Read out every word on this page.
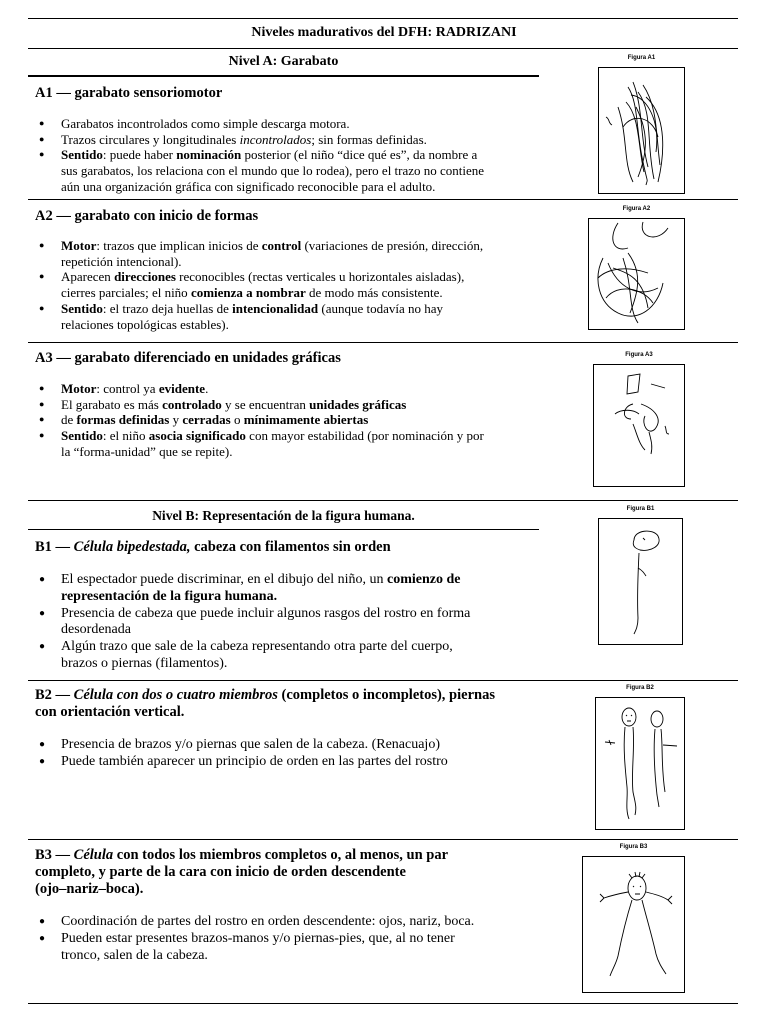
Niveles madurativos del DFH: RADRIZANI
Nivel A: Garabato
Nivel B: Representación de la figura humana.
A1 — garabato sensoriomotor
● Garabatos incontrolados como simple descarga motora.
● Trazos circulares y longitudinales incontrolados; sin formas definidas.
● Sentido: puede haber nominación posterior (el niño “dice qué es”, da nombre a
sus garabatos, los relaciona con el mundo que lo rodea), pero el trazo no contiene
aún una organización gráfica con significado reconocible para el adulto.
A2 — garabato con inicio de formas
● Motor: trazos que implican inicios de control (variaciones de presión, dirección,
repetición intencional).
● Aparecen direcciones reconocibles (rectas verticales u horizontales aisladas),
cierres parciales; el niño comienza a nombrar de modo más consistente.
● Sentido: el trazo deja huellas de intencionalidad (aunque todavía no hay
relaciones topológicas estables).
A3 — garabato diferenciado en unidades gráficas
● Motor: control ya evidente.
● El garabato es más controlado y se encuentran unidades gráficas
● de formas definidas y cerradas o mínimamente abiertas
● Sentido: el niño asocia significado con mayor estabilidad (por nominación y por
la “forma-unidad” que se repite).
B1 — Célula bipedestada, cabeza con filamentos sin orden
● El espectador puede discriminar, en el dibujo del niño, un comienzo de
representación de la figura humana.
● Presencia de cabeza que puede incluir algunos rasgos del rostro en forma
desordenada
● Algún trazo que sale de la cabeza representando otra parte del cuerpo,
brazos o piernas (filamentos).
B2 — Célula con dos o cuatro miembros (completos o incompletos), piernas
con orientación vertical.
● Presencia de brazos y/o piernas que salen de la cabeza. (Renacuajo)
● Puede también aparecer un principio de orden en las partes del rostro
B3 — Célula con todos los miembros completos o, al menos, un par
completo, y parte de la cara con inicio de orden descendente
(ojo–nariz–boca).
● Coordinación de partes del rostro en orden descendente: ojos, nariz, boca.
● Pueden estar presentes brazos-manos y/o piernas-pies, que, al no tener
tronco, salen de la cabeza.
Figura A1
Figura A2
Figura A3
Figura B1
Figura B2
Figura B3
